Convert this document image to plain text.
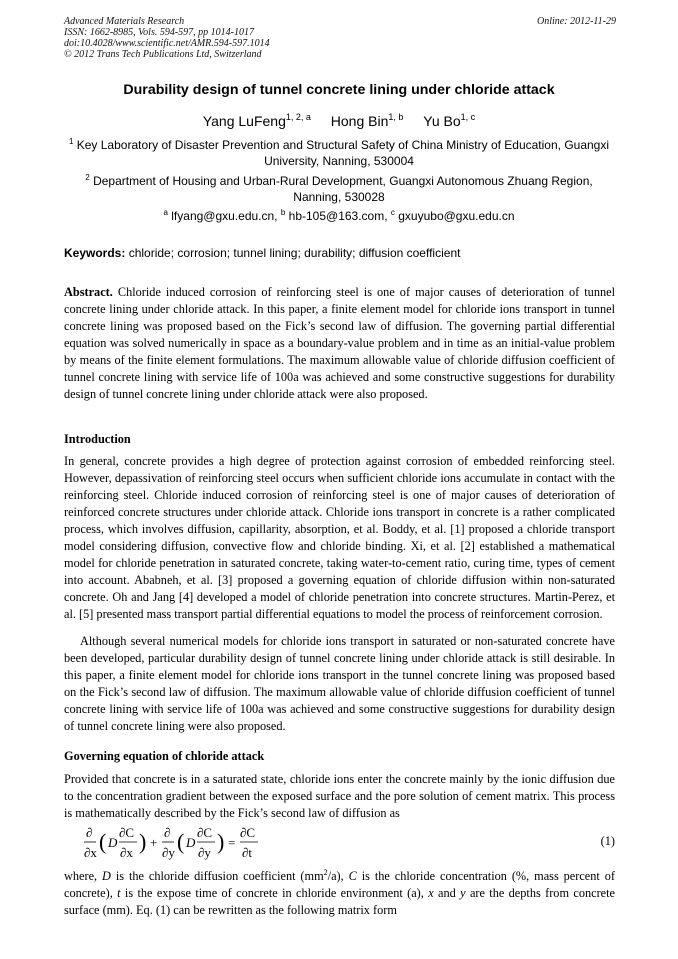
Advanced Materials Research
ISSN: 1662-8985, Vols. 594-597, pp 1014-1017
doi:10.4028/www.scientific.net/AMR.594-597.1014
© 2012 Trans Tech Publications Ltd, Switzerland
Online: 2012-11-29
Durability design of tunnel concrete lining under chloride attack
Yang LuFeng$^{1, 2, a}$ Hong Bin$^{1, b}$ Yu Bo$^{1, c}$
$^1$ Key Laboratory of Disaster Prevention and Structural Safety of China Ministry of Education, Guangxi University, Nanning, 530004
$^2$ Department of Housing and Urban-Rural Development, Guangxi Autonomous Zhuang Region, Nanning, 530028
$^a$ lfyang@gxu.edu.cn, $^b$ hb-105@163.com, $^c$ gxuyubo@gxu.edu.cn
Keywords: chloride; corrosion; tunnel lining; durability; diffusion coefficient
Abstract. Chloride induced corrosion of reinforcing steel is one of major causes of deterioration of tunnel concrete lining under chloride attack. In this paper, a finite element model for chloride ions transport in tunnel concrete lining was proposed based on the Fick’s second law of diffusion. The governing partial differential equation was solved numerically in space as a boundary-value problem and in time as an initial-value problem by means of the finite element formulations. The maximum allowable value of chloride diffusion coefficient of tunnel concrete lining with service life of 100a was achieved and some constructive suggestions for durability design of tunnel concrete lining under chloride attack were also proposed.
Introduction
In general, concrete provides a high degree of protection against corrosion of embedded reinforcing steel. However, depassivation of reinforcing steel occurs when sufficient chloride ions accumulate in contact with the reinforcing steel. Chloride induced corrosion of reinforcing steel is one of major causes of deterioration of reinforced concrete structures under chloride attack. Chloride ions transport in concrete is a rather complicated process, which involves diffusion, capillarity, absorption, et al. Boddy, et al. [1] proposed a chloride transport model considering diffusion, convective flow and chloride binding. Xi, et al. [2] established a mathematical model for chloride penetration in saturated concrete, taking water-to-cement ratio, curing time, types of cement into account. Ababneh, et al. [3] proposed a governing equation of chloride diffusion within non-saturated concrete. Oh and Jang [4] developed a model of chloride penetration into concrete structures. Martin-Perez, et al. [5] presented mass transport partial differential equations to model the process of reinforcement corrosion.
Although several numerical models for chloride ions transport in saturated or non-saturated concrete have been developed, particular durability design of tunnel concrete lining under chloride attack is still desirable. In this paper, a finite element model for chloride ions transport in the tunnel concrete lining was proposed based on the Fick’s second law of diffusion. The maximum allowable value of chloride diffusion coefficient of tunnel concrete lining with service life of 100a was achieved and some constructive suggestions for durability design of tunnel concrete lining were also proposed.
Governing equation of chloride attack
Provided that concrete is in a saturated state, chloride ions enter the concrete mainly by the ionic diffusion due to the concentration gradient between the exposed surface and the pore solution of cement matrix. This process is mathematically described by the Fick’s second law of diffusion as
∂
∂x ( D
∂C
∂x ) +
∂
∂y ( D
∂C
∂y ) =
∂C
∂t
(1)
where, D is the chloride diffusion coefficient $(mm^2/a)$, C is the chloride concentration (%, mass percent of concrete), t is the expose time of concrete in chloride environment (a), x and y are the depths from concrete surface (mm). Eq. (1) can be rewritten as the following matrix form
